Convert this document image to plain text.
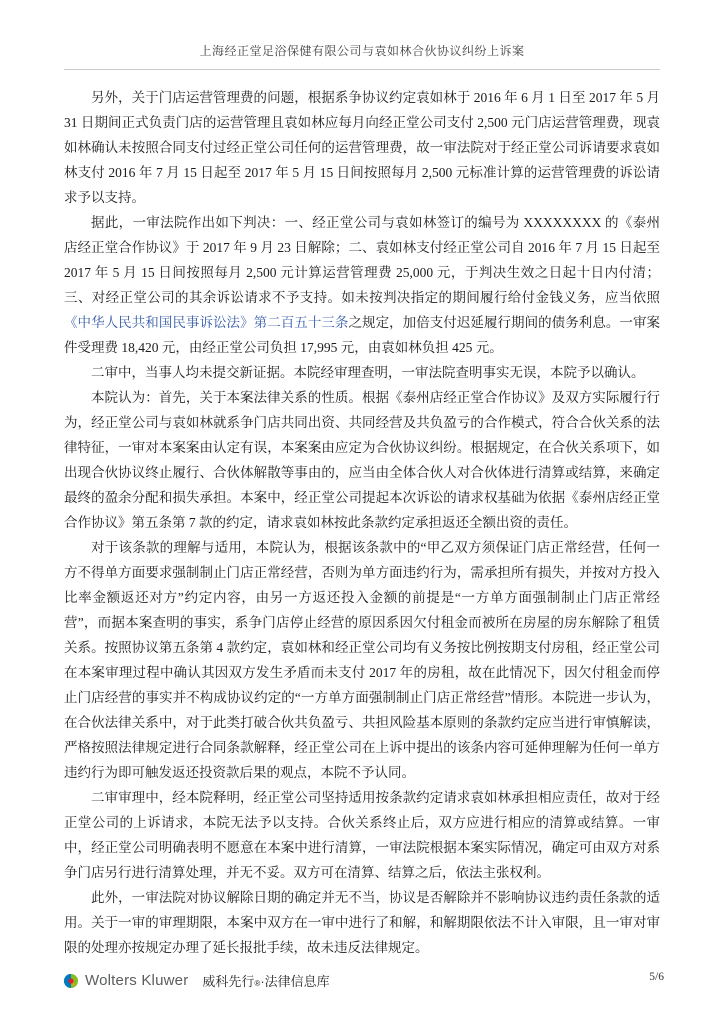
上海经正堂足浴保健有限公司与袁如林合伙协议纠纷上诉案

另外，关于门店运营管理费的问题，根据系争协议约定袁如林于 2016 年 6 月 1 日至 2017 年 5 月 31 日期间正式负责门店的运营管理且袁如林应每月向经正堂公司支付 2,500 元门店运营管理费，现袁如林确认未按照合同支付过经正堂公司任何的运营管理费，故一审法院对于经正堂公司诉请要求袁如林支付 2016 年 7 月 15 日起至 2017 年 5 月 15 日间按照每月 2,500 元标准计算的运营管理费的诉讼请求予以支持。

据此，一审法院作出如下判决：一、经正堂公司与袁如林签订的编号为 XXXXXXXX 的《泰州店经正堂合作协议》于 2017 年 9 月 23 日解除；二、袁如林支付经正堂公司自 2016 年 7 月 15 日起至 2017 年 5 月 15 日间按照每月 2,500 元计算运营管理费 25,000 元，于判决生效之日起十日内付清；三、对经正堂公司的其余诉讼请求不予支持。如未按判决指定的期间履行给付金钱义务，应当依照《中华人民共和国民事诉讼法》第二百五十三条之规定，加倍支付迟延履行期间的债务利息。一审案件受理费 18,420 元，由经正堂公司负担 17,995 元，由袁如林负担 425 元。

二审中，当事人均未提交新证据。本院经审理查明，一审法院查明事实无误，本院予以确认。

本院认为：首先，关于本案法律关系的性质。根据《泰州店经正堂合作协议》及双方实际履行行为，经正堂公司与袁如林就系争门店共同出资、共同经营及共负盈亏的合作模式，符合合伙关系的法律特征，一审对本案案由认定有误，本案案由应定为合伙协议纠纷。根据规定，在合伙关系项下，如出现合伙协议终止履行、合伙体解散等事由的，应当由全体合伙人对合伙体进行清算或结算，来确定最终的盈余分配和损失承担。本案中，经正堂公司提起本次诉讼的请求权基础为依据《泰州店经正堂合作协议》第五条第 7 款的约定，请求袁如林按此条款约定承担返还全额出资的责任。

对于该条款的理解与适用，本院认为，根据该条款中的“甲乙双方须保证门店正常经营，任何一方不得单方面要求强制制止门店正常经营，否则为单方面违约行为，需承担所有损失，并按对方投入比率金额返还对方”约定内容，由另一方返还投入金额的前提是“一方单方面强制制止门店正常经营”，而据本案查明的事实，系争门店停止经营的原因系因欠付租金而被所在房屋的房东解除了租赁关系。按照协议第五条第 4 款约定，袁如林和经正堂公司均有义务按比例按期支付房租，经正堂公司在本案审理过程中确认其因双方发生矛盾而未支付 2017 年的房租，故在此情况下，因欠付租金而停止门店经营的事实并不构成协议约定的“一方单方面强制制止门店正常经营”情形。本院进一步认为，在合伙法律关系中，对于此类打破合伙共负盈亏、共担风险基本原则的条款约定应当进行审慎解读，严格按照法律规定进行合同条款解释，经正堂公司在上诉中提出的该条内容可延伸理解为任何一单方违约行为即可触发返还投资款后果的观点，本院不予认同。

二审审理中，经本院释明，经正堂公司坚持适用按条款约定请求袁如林承担相应责任，故对于经正堂公司的上诉请求，本院无法予以支持。合伙关系终止后，双方应进行相应的清算或结算。一审中，经正堂公司明确表明不愿意在本案中进行清算，一审法院根据本案实际情况，确定可由双方对系争门店另行进行清算处理，并无不妥。双方可在清算、结算之后，依法主张权利。

此外，一审法院对协议解除日期的确定并无不当，协议是否解除并不影响协议违约责任条款的适用。关于一审的审理期限，本案中双方在一审中进行了和解，和解期限依法不计入审限，且一审对审限的处理亦按规定办理了延长报批手续，故未违反法律规定。

Wolters Kluwer 威科先行$_®$ · 法律信息库	5/6
